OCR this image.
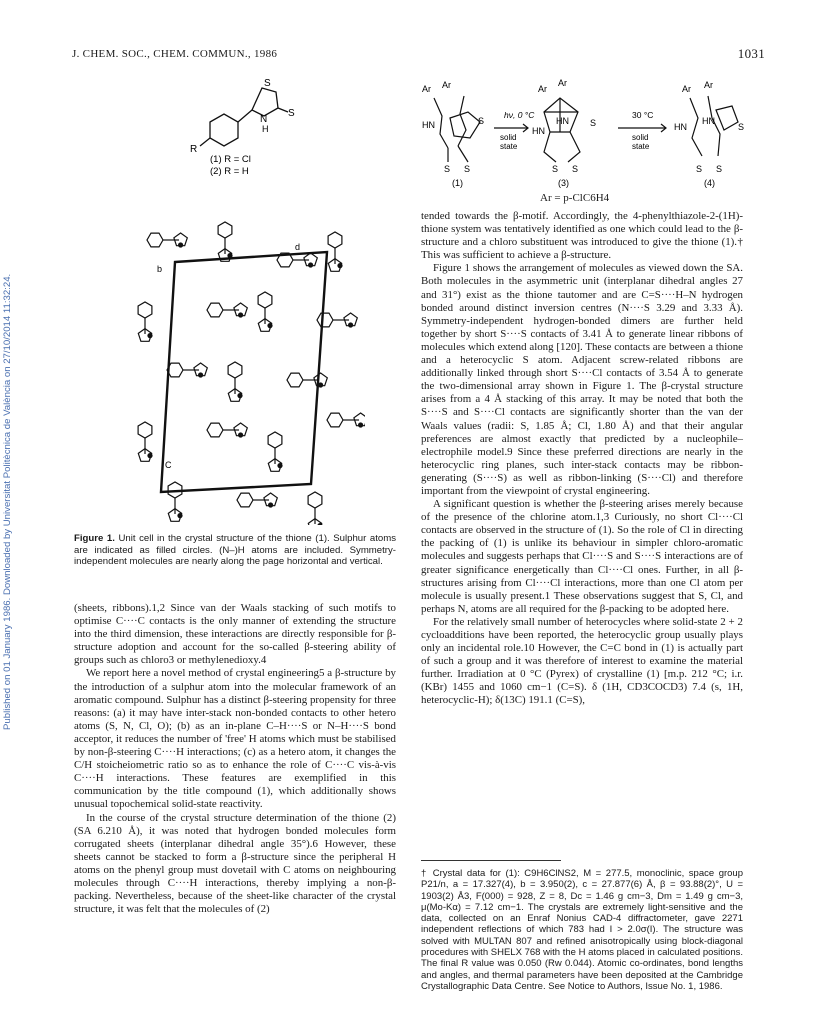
J. CHEM. SOC., CHEM. COMMUN., 1986	1031
Published on 01 January 1986. Downloaded by Universitat Politècnica de València on 27/10/2014 11:32:24.
S
S
N
H
R
(1) R = Cl
(2) R = H
Ar Ar
HN	S
S S
hν, 0 °C
solid
state
Ar
Ar
HN
HN S
S S
30 °C
solid
state
Ar Ar
HN
HN
S
S S
(1)	(3)	(4)
Ar = p-ClC6H4
d
b
C
Figure 1. Unit cell in the crystal structure of the thione (1). Sulphur atoms are indicated as filled circles. (N–)H atoms are included. Symmetry-independent molecules are nearly along the page horizontal and vertical.

(sheets, ribbons).1,2 Since van der Waals stacking of such motifs to optimise C····C contacts is the only manner of extending the structure into the third dimension, these interactions are directly responsible for β-structure adoption and account for the so-called β-steering ability of groups such as chloro3 or methylenedioxy.4

We report here a novel method of crystal engineering5 a β-structure by the introduction of a sulphur atom into the molecular framework of an aromatic compound. Sulphur has a distinct β-steering propensity for three reasons: (a) it may have inter-stack non-bonded contacts to other hetero atoms (S, N, Cl, O); (b) as an in-plane C–H····S or N–H····S bond acceptor, it reduces the number of 'free' H atoms which must be stabilised by non-β-steering C····H interactions; (c) as a hetero atom, it changes the C/H stoicheiometric ratio so as to enhance the role of C····C vis-à-vis C····H interactions. These features are exemplified in this communication by the title compound (1), which additionally shows unusual topochemical solid-state reactivity.

In the course of the crystal structure determination of the thione (2) (SA 6.210 Å), it was noted that hydrogen bonded molecules form corrugated sheets (interplanar dihedral angle 35°).6 However, these sheets cannot be stacked to form a β-structure since the peripheral H atoms on the phenyl group must dovetail with C atoms on neighbouring molecules through C····H interactions, thereby implying a non-β-packing. Nevertheless, because of the sheet-like character of the crystal structure, it was felt that the molecules of (2)

tended towards the β-motif. Accordingly, the 4-phenylthiazole-2-(1H)-thione system was tentatively identified as one which could lead to the β-structure and a chloro substituent was introduced to give the thione (1).† This was sufficient to achieve a β-structure.

Figure 1 shows the arrangement of molecules as viewed down the SA. Both molecules in the asymmetric unit (interplanar dihedral angles 27 and 31°) exist as the thione tautomer and are C=S····H–N hydrogen bonded around distinct inversion centres (N····S 3.29 and 3.33 Å). Symmetry-independent hydrogen-bonded dimers are further held together by short S····S contacts of 3.41 Å to generate linear ribbons of molecules which extend along [120]. These contacts are between a thione and a heterocyclic S atom. Adjacent screw-related ribbons are additionally linked through short S····Cl contacts of 3.54 Å to generate the two-dimensional array shown in Figure 1. The β-crystal structure arises from a 4 Å stacking of this array. It may be noted that both the S····S and S····Cl contacts are significantly shorter than the van der Waals values (radii: S, 1.85 Å; Cl, 1.80 Å) and that their angular preferences are almost exactly that predicted by a nucleophile–electrophile model.9 Since these preferred directions are nearly in the heterocyclic ring planes, such inter-stack contacts may be ribbon-generating (S····S) as well as ribbon-linking (S····Cl) and therefore important from the viewpoint of crystal engineering.

A significant question is whether the β-steering arises merely because of the presence of the chlorine atom.1,3 Curiously, no short Cl····Cl contacts are observed in the structure of (1). So the role of Cl in directing the packing of (1) is unlike its behaviour in simpler chloro-aromatic molecules and suggests perhaps that Cl····S and S····S interactions are of greater significance energetically than Cl····Cl ones. Further, in all β-structures arising from Cl····Cl interactions, more than one Cl atom per molecule is usually present.1 These observations suggest that S, Cl, and perhaps N, atoms are all required for the β-packing to be adopted here.

For the relatively small number of heterocycles where solid-state 2 + 2 cycloadditions have been reported, the heterocyclic group usually plays only an incidental role.10 However, the C=C bond in (1) is actually part of such a group and it was therefore of interest to examine the material further. Irradiation at 0 °C (Pyrex) of crystalline (1) [m.p. 212 °C; i.r.(KBr) 1455 and 1060 cm−1 (C=S). δ (1H, CD3COCD3) 7.4 (s, 1H, heterocyclic-H); δ(13C) 191.1 (C=S),

† Crystal data for (1): C9H6ClNS2, M = 277.5, monoclinic, space group P21/n, a = 17.327(4), b = 3.950(2), c = 27.877(6) Å, β = 93.88(2)°, U = 1903(2) Å3, F(000) = 928, Z = 8, Dc = 1.46 g cm−3, Dm = 1.49 g cm−3, μ(Mo-Kα) = 7.12 cm−1. The crystals are extremely light-sensitive and the data, collected on an Enraf Nonius CAD-4 diffractometer, gave 2271 independent reflections of which 783 had I > 2.0σ(I). The structure was solved with MULTAN 807 and refined anisotropically using block-diagonal procedures with SHELX 768 with the H atoms placed in calculated positions. The final R value was 0.050 (Rw 0.044). Atomic co-ordinates, bond lengths and angles, and thermal parameters have been deposited at the Cambridge Crystallographic Data Centre. See Notice to Authors, Issue No. 1, 1986.
